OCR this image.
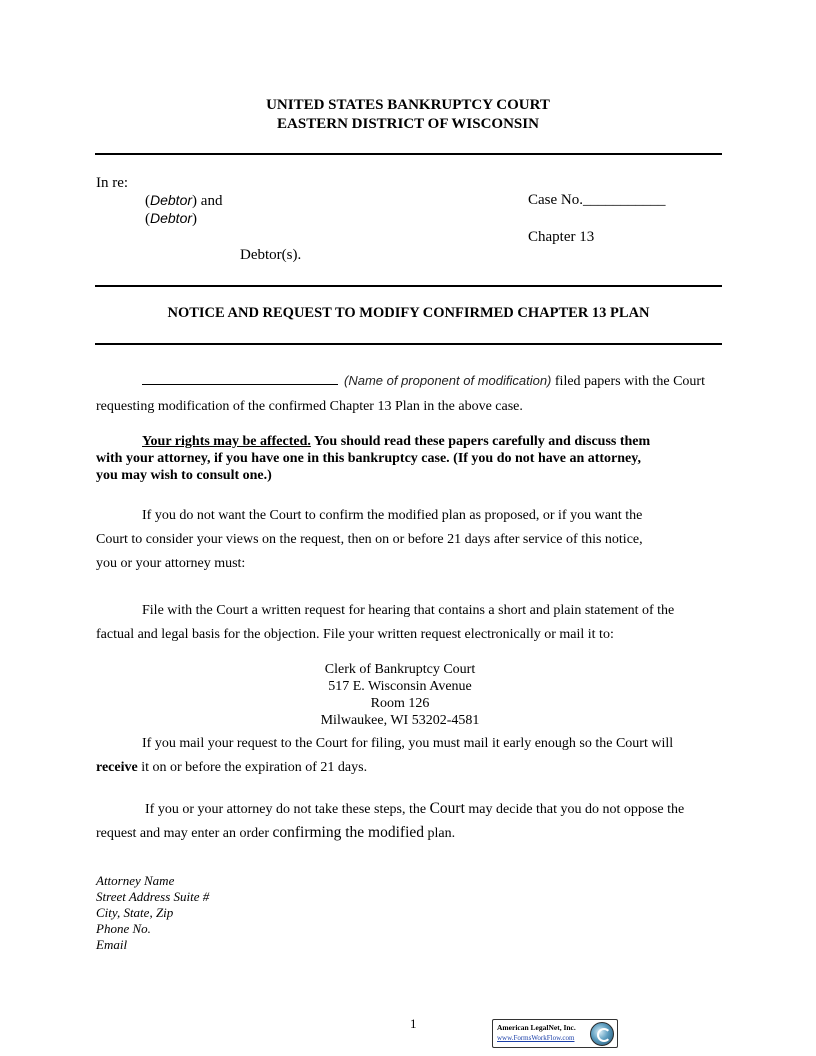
UNITED STATES BANKRUPTCY COURT
EASTERN DISTRICT OF WISCONSIN
In re:
(Debtor) and
(Debtor)
Debtor(s).
Case No.___________
Chapter 13
NOTICE AND REQUEST TO MODIFY CONFIRMED CHAPTER 13 PLAN
(Name of proponent of modification) filed papers with the Court
requesting modification of the confirmed Chapter 13 Plan in the above case.
Your rights may be affected. You should read these papers carefully and discuss them
with your attorney, if you have one in this bankruptcy case. (If you do not have an attorney,
you may wish to consult one.)
If you do not want the Court to confirm the modified plan as proposed, or if you want the
Court to consider your views on the request, then on or before 21 days after service of this notice,
you or your attorney must:
File with the Court a written request for hearing that contains a short and plain statement of the
factual and legal basis for the objection. File your written request electronically or mail it to:
Clerk of Bankruptcy Court
517 E. Wisconsin Avenue
Room 126
Milwaukee, WI 53202-4581
If you mail your request to the Court for filing, you must mail it early enough so the Court will
receive it on or before the expiration of 21 days.
If you or your attorney do not take these steps, the Court may decide that you do not oppose the
request and may enter an order confirming the modified plan.
Attorney Name
Street Address Suite #
City, State, Zip
Phone No.
Email
1	American LegalNet, Inc.
www.FormsWorkFlow.com
